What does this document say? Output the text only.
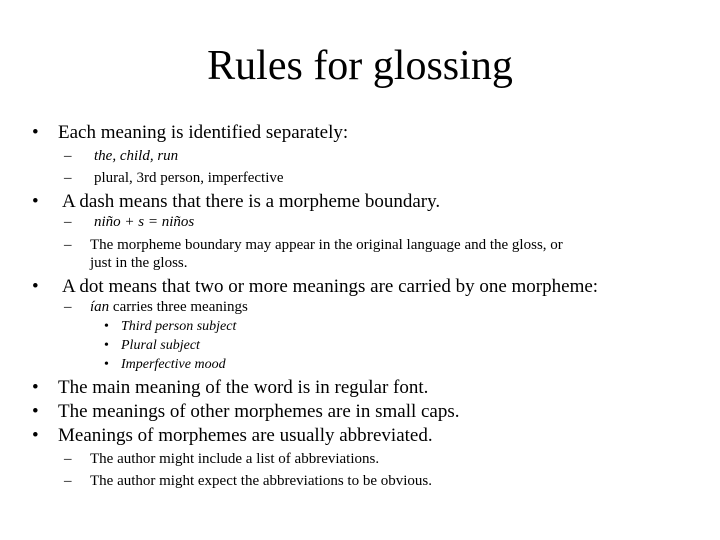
Rules for glossing
• Each meaning is identified separately:
– the, child, run
– plural, 3rd person, imperfective
• A dash means that there is a morpheme boundary.
– niño + s = niños
– The morpheme boundary may appear in the original language and the gloss, or
just in the gloss.
• A dot means that two or more meanings are carried by one morpheme:
– ían carries three meanings
• Third person subject
• Plural subject
• Imperfective mood
• The main meaning of the word is in regular font.
• The meanings of other morphemes are in small caps.
• Meanings of morphemes are usually abbreviated.
– The author might include a list of abbreviations.
– The author might expect the abbreviations to be obvious.
